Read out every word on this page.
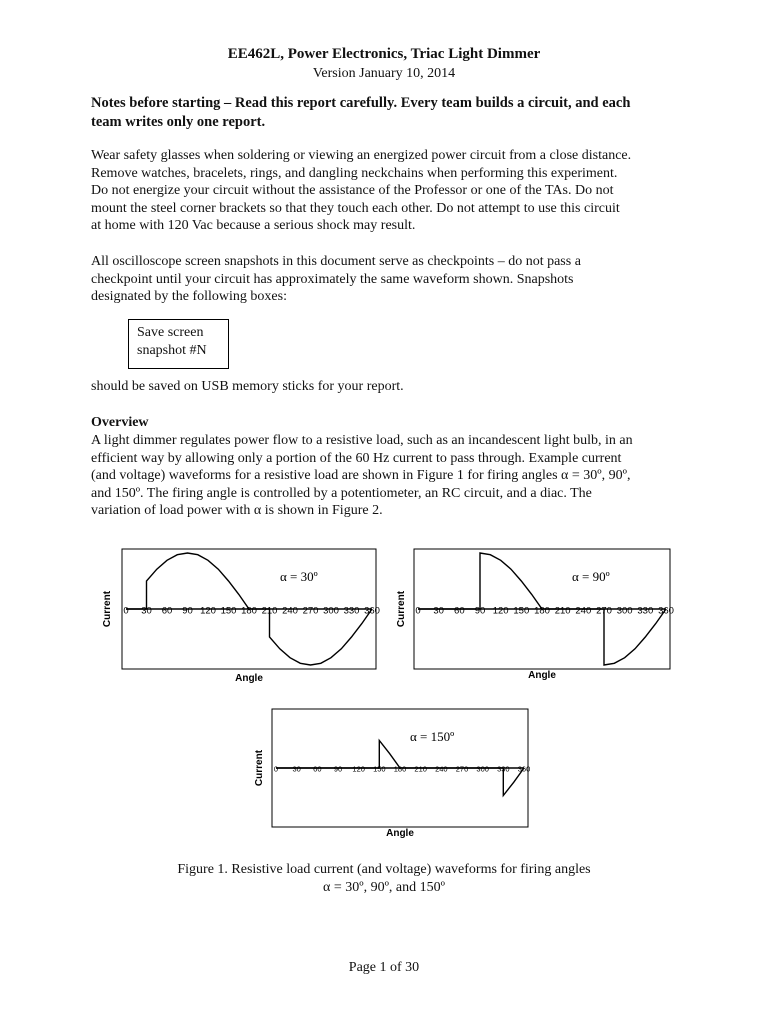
EE462L, Power Electronics, Triac Light Dimmer
Version January 10, 2014

Notes before starting – Read this report carefully. Every team builds a circuit, and each
team writes only one report.

Wear safety glasses when soldering or viewing an energized power circuit from a close distance.
Remove watches, bracelets, rings, and dangling neckchains when performing this experiment.
Do not energize your circuit without the assistance of the Professor or one of the TAs. Do not
mount the steel corner brackets so that they touch each other. Do not attempt to use this circuit
at home with 120 Vac because a serious shock may result.

All oscilloscope screen snapshots in this document serve as checkpoints – do not pass a
checkpoint until your circuit has approximately the same waveform shown. Snapshots
designated by the following boxes:

Save screen
snapshot #N

should be saved on USB memory sticks for your report.

Overview

A light dimmer regulates power flow to a resistive load, such as an incandescent light bulb, in an
efficient way by allowing only a portion of the 60 Hz current to pass through. Example current
(and voltage) waveforms for a resistive load are shown in Figure 1 for firing angles α = 30º, 90º,
and 150º. The firing angle is controlled by a potentiometer, an RC circuit, and a diac. The
variation of load power with α is shown in Figure 2.

0 30 60 90 120 150 180 210 240 270 300 330 360
α = 30º
Angle
Current	0 30 60 90 120 150 180 210 240 270 300 330 360
α = 90º
Angle
Current
0 30 60 90 120 150 180 210 240 270 300 330 360
α = 150º
Angle
Current
Figure 1. Resistive load current (and voltage) waveforms for firing angles
α = 30º, 90º, and 150º
Page 1 of 30
